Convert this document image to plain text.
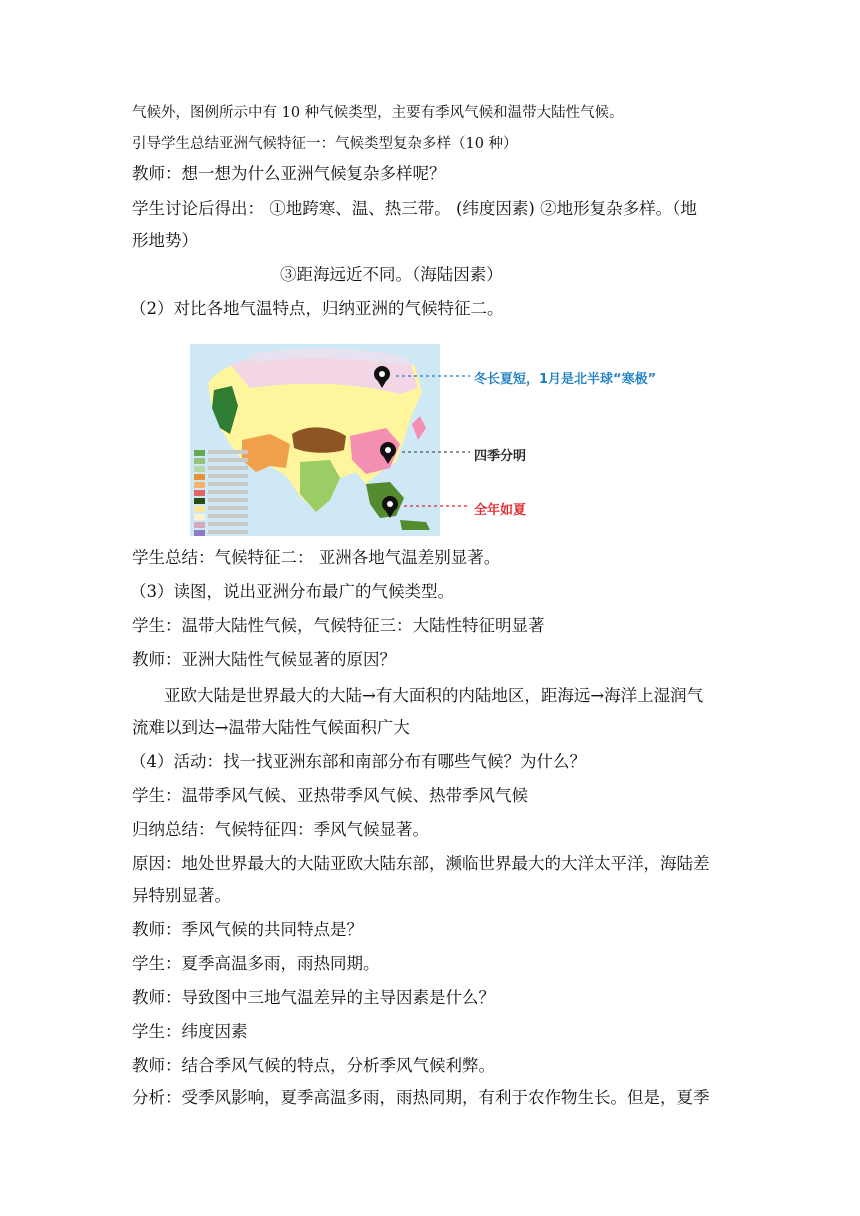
气候外，图例所示中有 10 种气候类型，主要有季风气候和温带大陆性气候。
引导学生总结亚洲气候特征一：气候类型复杂多样（10 种）
教师：想一想为什么亚洲气候复杂多样呢？
学生讨论后得出： ①地跨寒、温、热三带。 (纬度因素) ②地形复杂多样。（地
形地势）
③距海远近不同。（海陆因素）
（2）对比各地气温特点，归纳亚洲的气候特征二。
冬长夏短，1月是北半球“寒极”
四季分明
全年如夏
学生总结：气候特征二： 亚洲各地气温差别显著。
（3）读图，说出亚洲分布最广的气候类型。
学生：温带大陆性气候，气候特征三：大陆性特征明显著
教师：亚洲大陆性气候显著的原因？
亚欧大陆是世界最大的大陆→有大面积的内陆地区，距海远→海洋上湿润气
流难以到达→温带大陆性气候面积广大
（4）活动：找一找亚洲东部和南部分布有哪些气候？为什么？
学生：温带季风气候、亚热带季风气候、热带季风气候
归纳总结：气候特征四：季风气候显著。
原因：地处世界最大的大陆亚欧大陆东部，濒临世界最大的大洋太平洋，海陆差
异特别显著。
教师：季风气候的共同特点是？
学生：夏季高温多雨，雨热同期。
教师：导致图中三地气温差异的主导因素是什么？
学生：纬度因素
教师：结合季风气候的特点，分析季风气候利弊。
分析：受季风影响，夏季高温多雨，雨热同期，有利于农作物生长。但是，夏季
